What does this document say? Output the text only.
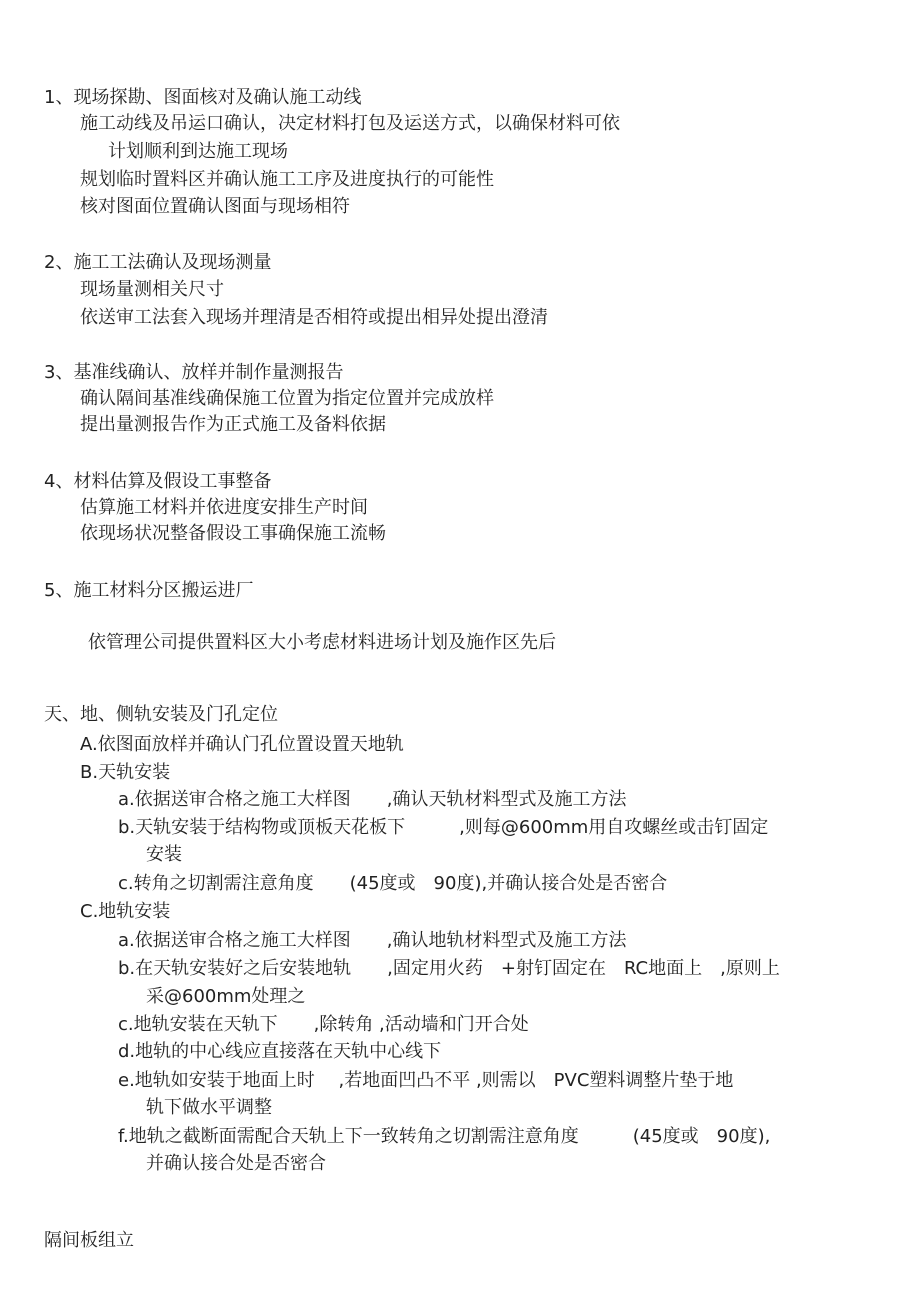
1、现场探勘、图面核对及确认施工动线
施工动线及吊运口确认，决定材料打包及运送方式，以确保材料可依
计划顺利到达施工现场
规划临时置料区并确认施工工序及进度执行的可能性
核对图面位置确认图面与现场相符
2、施工工法确认及现场测量
现场量测相关尺寸
依送审工法套入现场并理清是否相符或提出相异处提出澄清
3、基准线确认、放样并制作量测报告
确认隔间基准线确保施工位置为指定位置并完成放样
提出量测报告作为正式施工及备料依据
4、材料估算及假设工事整备
估算施工材料并依进度安排生产时间
依现场状况整备假设工事确保施工流畅
5、施工材料分区搬运进厂
依管理公司提供置料区大小考虑材料进场计划及施作区先后
天、地、侧轨安装及门孔定位
A.依图面放样并确认门孔位置设置天地轨
B.天轨安装
a.依据送审合格之施工大样图　　,确认天轨材料型式及施工方法
b.天轨安装于结构物或顶板天花板下　　　,则每@600mm用自攻螺丝或击钉固定
安装
c.转角之切割需注意角度　　(45度或　90度),并确认接合处是否密合
C.地轨安装
a.依据送审合格之施工大样图　　,确认地轨材料型式及施工方法
b.在天轨安装好之后安装地轨　　,固定用火药　+射钉固定在　RC地面上　,原则上
采@600mm处理之
c.地轨安装在天轨下　　,除转角 ,活动墙和门开合处
d.地轨的中心线应直接落在天轨中心线下
e.地轨如安装于地面上时　 ,若地面凹凸不平 ,则需以　PVC塑料调整片垫于地
轨下做水平调整
f.地轨之截断面需配合天轨上下一致转角之切割需注意角度　　　(45度或　90度),
并确认接合处是否密合
隔间板组立
